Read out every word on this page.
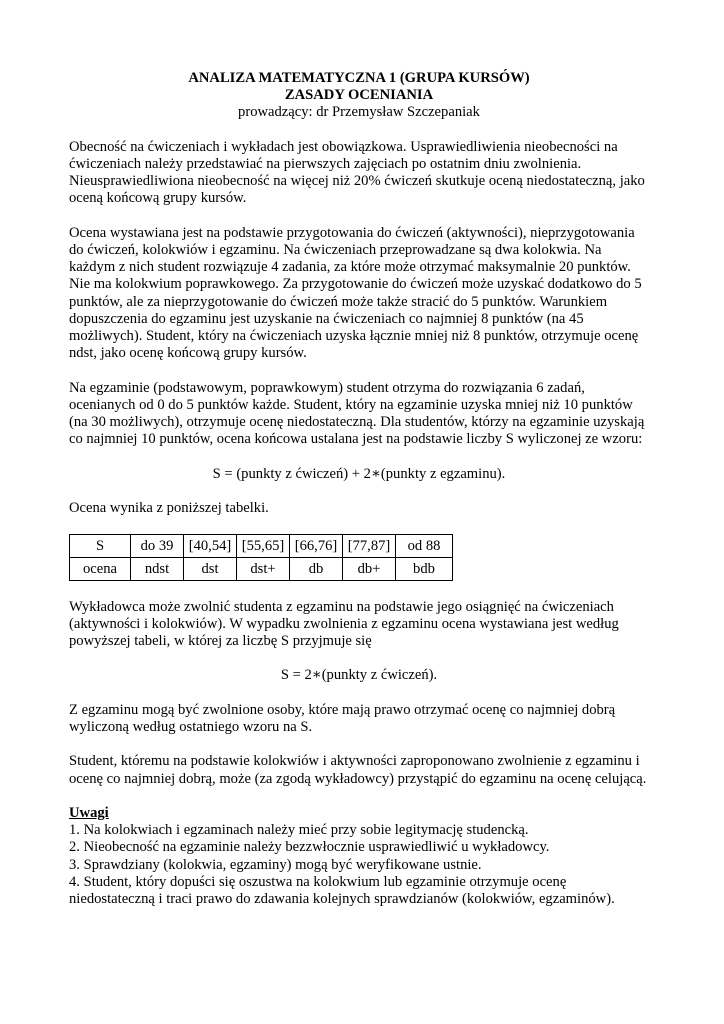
ANALIZA MATEMATYCZNA 1 (GRUPA KURSÓW)

ZASADY OCENIANIA

prowadzący: dr Przemysław Szczepaniak

Obecność na ćwiczeniach i wykładach jest obowiązkowa. Usprawiedliwienia nieobecności na ćwiczeniach należy przedstawiać na pierwszych zajęciach po ostatnim dniu zwolnienia. Nieusprawiedliwiona nieobecność na więcej niż 20% ćwiczeń skutkuje oceną niedostateczną, jako oceną końcową grupy kursów.

Ocena wystawiana jest na podstawie przygotowania do ćwiczeń (aktywności), nieprzygotowania do ćwiczeń, kolokwiów i egzaminu. Na ćwiczeniach przeprowadzane są dwa kolokwia. Na każdym z nich student rozwiązuje 4 zadania, za które może otrzymać maksymalnie 20 punktów. Nie ma kolokwium poprawkowego. Za przygotowanie do ćwiczeń może uzyskać dodatkowo do 5 punktów, ale za nieprzygotowanie do ćwiczeń może także stracić do 5 punktów. Warunkiem dopuszczenia do egzaminu jest uzyskanie na ćwiczeniach co najmniej 8 punktów (na 45 możliwych). Student, który na ćwiczeniach uzyska łącznie mniej niż 8 punktów, otrzymuje ocenę ndst, jako ocenę końcową grupy kursów.

Na egzaminie (podstawowym, poprawkowym) student otrzyma do rozwiązania 6 zadań, ocenianych od 0 do 5 punktów każde. Student, który na egzaminie uzyska mniej niż 10 punktów (na 30 możliwych), otrzymuje ocenę niedostateczną. Dla studentów, którzy na egzaminie uzyskają co najmniej 10 punktów, ocena końcowa ustalana jest na podstawie liczby S wyliczonej ze wzoru:

S = (punkty z ćwiczeń) + 2∗(punkty z egzaminu).

Ocena wynika z poniższej tabelki.

S	do 39	[40,54]	[55,65]	[66,76]	[77,87]	od 88
ocena	ndst	dst	dst+	db	db+	bdb

Wykładowca może zwolnić studenta z egzaminu na podstawie jego osiągnięć na ćwiczeniach (aktywności i kolokwiów). W wypadku zwolnienia z egzaminu ocena wystawiana jest według powyższej tabeli, w której za liczbę S przyjmuje się

S = 2∗(punkty z ćwiczeń).

Z egzaminu mogą być zwolnione osoby, które mają prawo otrzymać ocenę co najmniej dobrą wyliczoną według ostatniego wzoru na S.

Student, któremu na podstawie kolokwiów i aktywności zaproponowano zwolnienie z egzaminu i ocenę co najmniej dobrą, może (za zgodą wykładowcy) przystąpić do egzaminu na ocenę celującą.

Uwagi

1. Na kolokwiach i egzaminach należy mieć przy sobie legitymację studencką.

2. Nieobecność na egzaminie należy bezzwłocznie usprawiedliwić u wykładowcy.

3. Sprawdziany (kolokwia, egzaminy) mogą być weryfikowane ustnie.

4. Student, który dopuści się oszustwa na kolokwium lub egzaminie otrzymuje ocenę niedostateczną i traci prawo do zdawania kolejnych sprawdzianów (kolokwiów, egzaminów).
